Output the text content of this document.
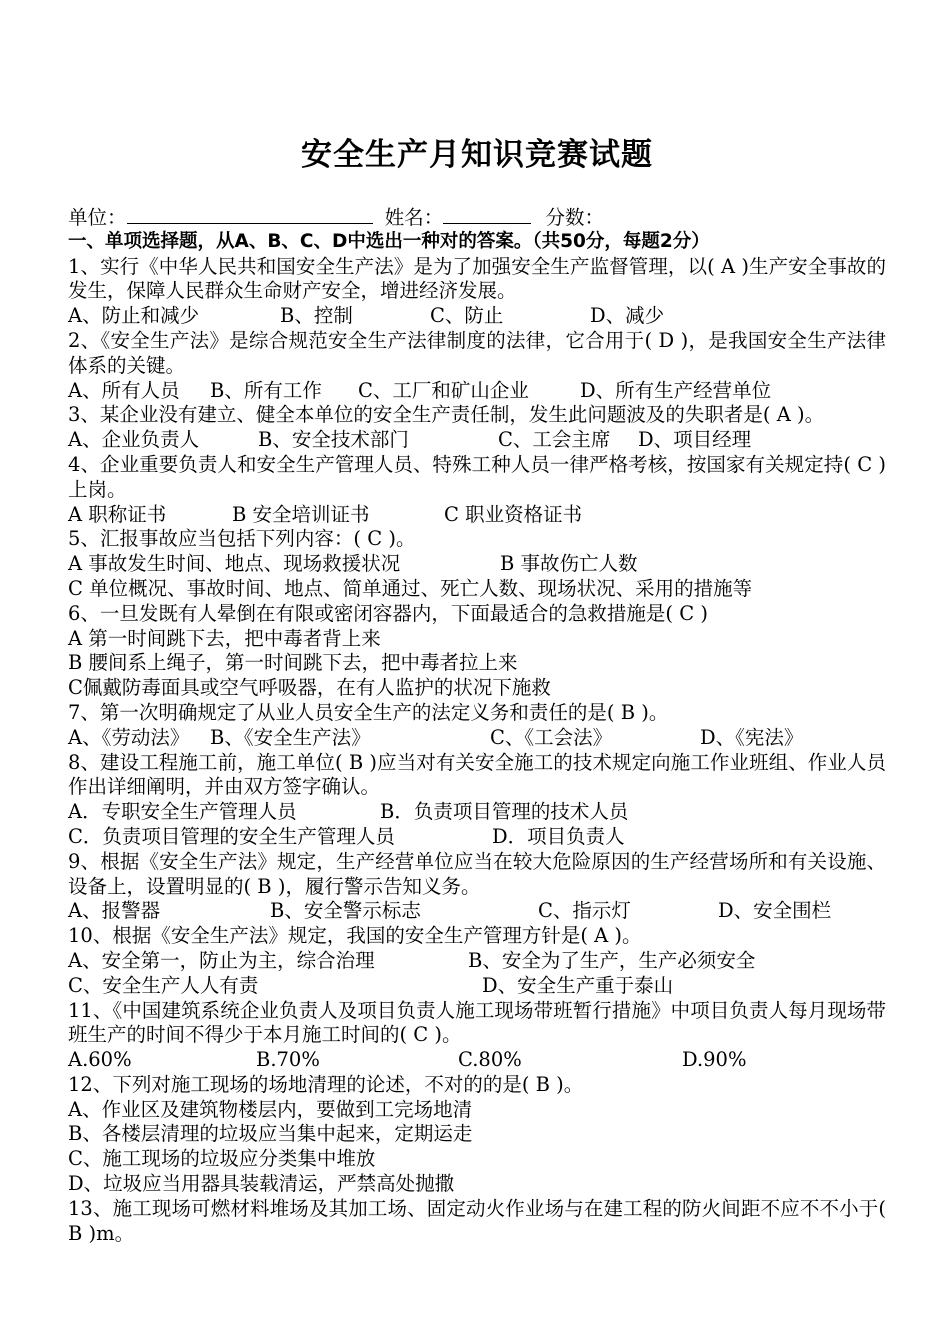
安全生产月知识竞赛试题
单位：	姓名：	分数：
一、单项选择题，从A、B、C、D中选出一种对的答案。（共50分，每题2分）
1、实行《中华人民共和国安全生产法》是为了加强安全生产监督管理，以( A )生产安全事故的发生，保障人民群众生命财产安全，增进经济发展。
A、防止和减少	B、控制	C、防止	D、减少
2、《安全生产法》是综合规范安全生产法律制度的法律，它合用于( D )，是我国安全生产法律体系的关键。
A、所有人员 B、所有工作 C、工厂和矿山企业	D、所有生产经营单位
3、某企业没有建立、健全本单位的安全生产责任制，发生此问题波及的失职者是( A )。
A、企业负责人	B、安全技术部门	C、工会主席 D、项目经理
4、企业重要负责人和安全生产管理人员、特殊工种人员一律严格考核，按国家有关规定持( C )上岗。
A 职称证书	B 安全培训证书	C 职业资格证书
5、汇报事故应当包括下列内容：( C )。
A 事故发生时间、地点、现场救援状况	B 事故伤亡人数
C 单位概况、事故时间、地点、简单通过、死亡人数、现场状况、采用的措施等
6、一旦发既有人晕倒在有限或密闭容器内，下面最适合的急救措施是( C )
A 第一时间跳下去，把中毒者背上来
B 腰间系上绳子，第一时间跳下去，把中毒者拉上来
C佩戴防毒面具或空气呼吸器，在有人监护的状况下施救
7、第一次明确规定了从业人员安全生产的法定义务和责任的是( B )。
A、《劳动法》 B、《安全生产法》	C、《工会法》	D、《宪法》
8、建设工程施工前，施工单位( B )应当对有关安全施工的技术规定向施工作业班组、作业人员作出详细阐明，并由双方签字确认。
A．专职安全生产管理人员	B．负责项目管理的技术人员
C．负责项目管理的安全生产管理人员	D．项目负责人
9、根据《安全生产法》规定，生产经营单位应当在较大危险原因的生产经营场所和有关设施、设备上，设置明显的( B )，履行警示告知义务。
A、报警器	B、安全警示标志	C、指示灯	D、安全围栏
10、根据《安全生产法》规定，我国的安全生产管理方针是( A )。
A、安全第一，防止为主，综合治理	B、安全为了生产，生产必须安全
C、安全生产人人有责	D、安全生产重于泰山
11、《中国建筑系统企业负责人及项目负责人施工现场带班暂行措施》中项目负责人每月现场带班生产的时间不得少于本月施工时间的( C )。
A.60%	B.70%	C.80%	D.90%
12、下列对施工现场的场地清理的论述，不对的的是( B )。
A、作业区及建筑物楼层内，要做到工完场地清
B、各楼层清理的垃圾应当集中起来，定期运走
C、施工现场的垃圾应分类集中堆放
D、垃圾应当用器具装载清运，严禁高处抛撒
13、施工现场可燃材料堆场及其加工场、固定动火作业场与在建工程的防火间距不应不不小于( B )m。
